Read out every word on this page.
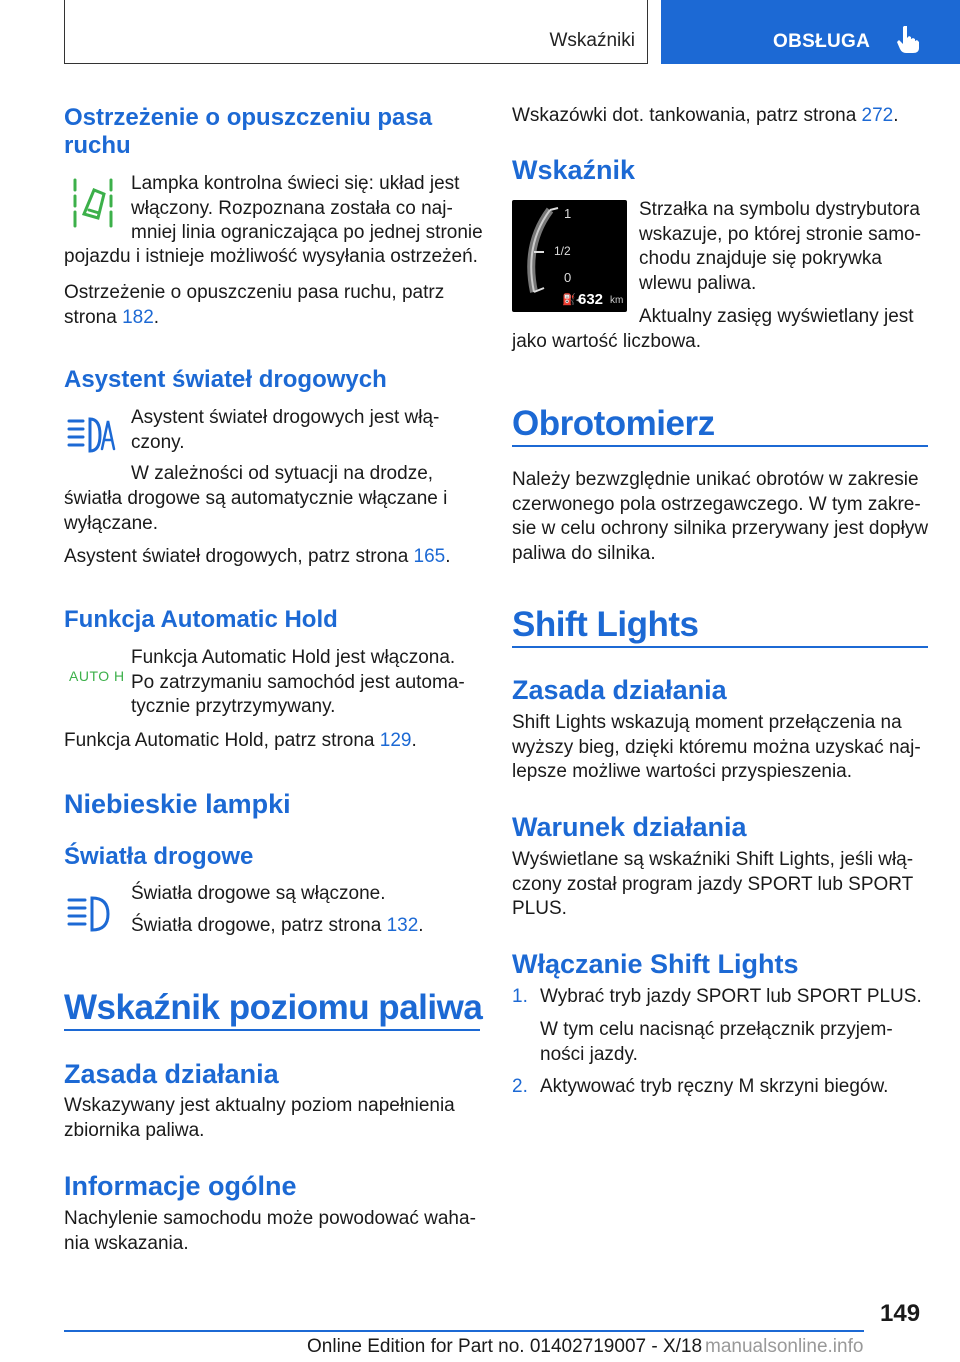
Wskaźniki	OBSŁUGA
Ostrzeżenie o opuszczeniu pasa
ruchu
Lampka kontrolna świeci się: układ jest
włączony. Rozpoznana została co naj‐
mniej linia ograniczająca po jednej stronie
pojazdu i istnieje możliwość wysyłania ostrzeżeń.
Ostrzeżenie o opuszczeniu pasa ruchu, patrz
strona 182.
Asystent świateł drogowych
Asystent świateł drogowych jest włą‐
czony.
W zależności od sytuacji na drodze,
światła drogowe są automatycznie włączane i
wyłączane.
Asystent świateł drogowych, patrz strona 165.
Funkcja Automatic Hold
AUTO H
Funkcja Automatic Hold jest włączona.
Po zatrzymaniu samochód jest automa‐
tycznie przytrzymywany.
Funkcja Automatic Hold, patrz strona 129.
Niebieskie lampki
Światła drogowe
Światła drogowe są włączone.
Światła drogowe, patrz strona 132.
Wskaźnik poziomu paliwa
Zasada działania
Wskazywany jest aktualny poziom napełnienia
zbiornika paliwa.
Informacje ogólne
Nachylenie samochodu może powodować waha‐
nia wskazania.
Wskazówki dot. tankowania, patrz strona 272.
Wskaźnik
1
1/2
0
⛽◂
632 km
Strzałka na symbolu dystrybutora
wskazuje, po której stronie samo‐
chodu znajduje się pokrywka
wlewu paliwa.
Aktualny zasięg wyświetlany jest
jako wartość liczbowa.
Obrotomierz
Należy bezwzględnie unikać obrotów w zakresie
czerwonego pola ostrzegawczego. W tym zakre‐
sie w celu ochrony silnika przerywany jest dopływ
paliwa do silnika.
Shift Lights
Zasada działania
Shift Lights wskazują moment przełączenia na
wyższy bieg, dzięki któremu można uzyskać naj‐
lepsze możliwe wartości przyspieszenia.
Warunek działania
Wyświetlane są wskaźniki Shift Lights, jeśli włą‐
czony został program jazdy SPORT lub SPORT
PLUS.
Włączanie Shift Lights
1. Wybrać tryb jazdy SPORT lub SPORT PLUS.
W tym celu nacisnąć przełącznik przyjem‐
ności jazdy.
2. Aktywować tryb ręczny M skrzyni biegów.
149
Online Edition for Part no. 01402719007 - X/18 manualsonline.info
